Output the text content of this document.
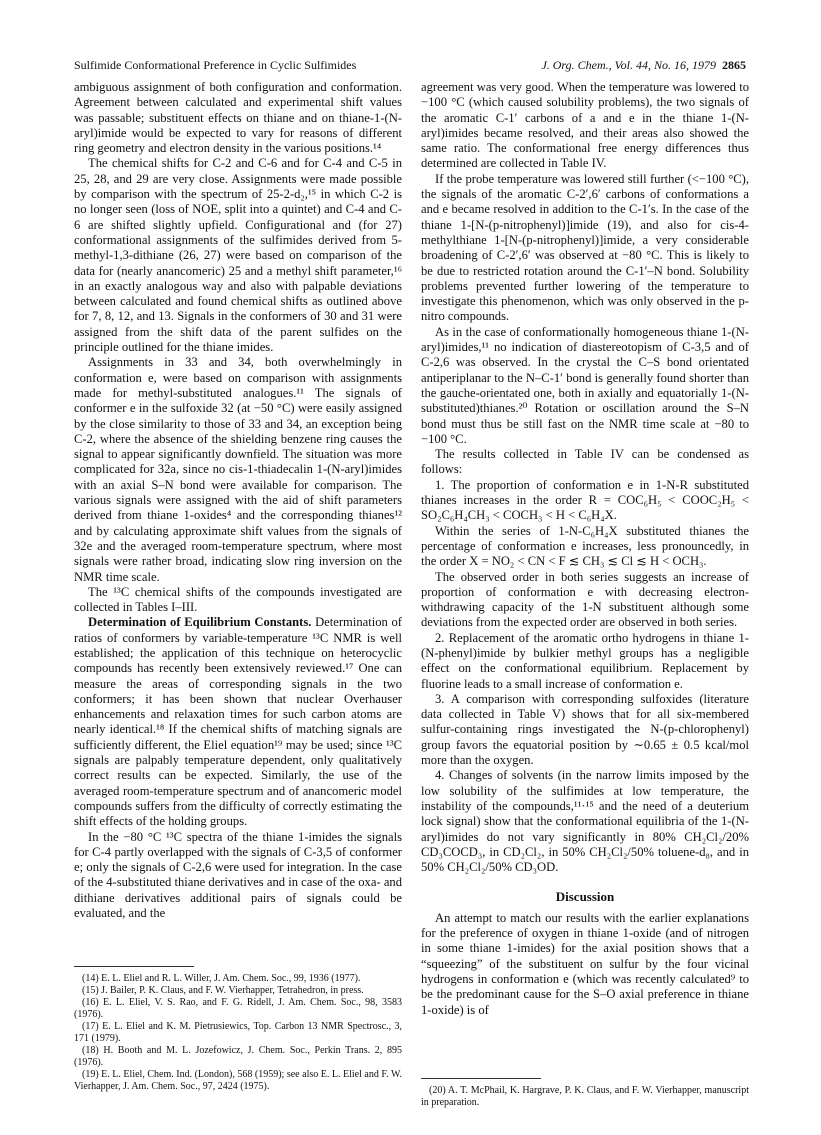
Sulfimide Conformational Preference in Cyclic Sulfimides	J. Org. Chem., Vol. 44, No. 16, 1979 2865

ambiguous assignment of both configuration and conformation. Agreement between calculated and experimental shift values was passable; substituent effects on thiane and on thiane-1-(N-aryl)imide would be expected to vary for reasons of different ring geometry and electron density in the various positions.¹⁴

The chemical shifts for C-2 and C-6 and for C-4 and C-5 in 25, 28, and 29 are very close. Assignments were made possible by comparison with the spectrum of 25-2-d₂,¹⁵ in which C-2 is no longer seen (loss of NOE, split into a quintet) and C-4 and C-6 are shifted slightly upfield. Configurational and (for 27) conformational assignments of the sulfimides derived from 5-methyl-1,3-dithiane (26, 27) were based on comparison of the data for (nearly anancomeric) 25 and a methyl shift parameter,¹⁶ in an exactly analogous way and also with palpable deviations between calculated and found chemical shifts as outlined above for 7, 8, 12, and 13. Signals in the conformers of 30 and 31 were assigned from the shift data of the parent sulfides on the principle outlined for the thiane imides.

Assignments in 33 and 34, both overwhelmingly in conformation e, were based on comparison with assignments made for methyl-substituted analogues.¹¹ The signals of conformer e in the sulfoxide 32 (at −50 °C) were easily assigned by the close similarity to those of 33 and 34, an exception being C-2, where the absence of the shielding benzene ring causes the signal to appear significantly downfield. The situation was more complicated for 32a, since no cis-1-thiadecalin 1-(N-aryl)imides with an axial S–N bond were available for comparison. The various signals were assigned with the aid of shift parameters derived from thiane 1-oxides⁴ and the corresponding thianes¹² and by calculating approximate shift values from the signals of 32e and the averaged room-temperature spectrum, where most signals were rather broad, indicating slow ring inversion on the NMR time scale.

The ¹³C chemical shifts of the compounds investigated are collected in Tables I–III.

Determination of Equilibrium Constants. Determination of ratios of conformers by variable-temperature ¹³C NMR is well established; the application of this technique on heterocyclic compounds has recently been extensively reviewed.¹⁷ One can measure the areas of corresponding signals in the two conformers; it has been shown that nuclear Overhauser enhancements and relaxation times for such carbon atoms are nearly identical.¹⁸ If the chemical shifts of matching signals are sufficiently different, the Eliel equation¹⁹ may be used; since ¹³C signals are palpably temperature dependent, only qualitatively correct results can be expected. Similarly, the use of the averaged room-temperature spectrum and of anancomeric model compounds suffers from the difficulty of correctly estimating the shift effects of the holding groups.

In the −80 °C ¹³C spectra of the thiane 1-imides the signals for C-4 partly overlapped with the signals of C-3,5 of conformer e; only the signals of C-2,6 were used for integration. In the case of the 4-substituted thiane derivatives and in case of the oxa- and dithiane derivatives additional pairs of signals could be evaluated, and the

(14) E. L. Eliel and R. L. Willer, J. Am. Chem. Soc., 99, 1936 (1977).

(15) J. Bailer, P. K. Claus, and F. W. Vierhapper, Tetrahedron, in press.

(16) E. L. Eliel, V. S. Rao, and F. G. Ridell, J. Am. Chem. Soc., 98, 3583 (1976).

(17) E. L. Eliel and K. M. Pietrusiewics, Top. Carbon 13 NMR Spectrosc., 3, 171 (1979).

(18) H. Booth and M. L. Jozefowicz, J. Chem. Soc., Perkin Trans. 2, 895 (1976).

(19) E. L. Eliel, Chem. Ind. (London), 568 (1959); see also E. L. Eliel and F. W. Vierhapper, J. Am. Chem. Soc., 97, 2424 (1975).

agreement was very good. When the temperature was lowered to −100 °C (which caused solubility problems), the two signals of the aromatic C-1′ carbons of a and e in the thiane 1-(N-aryl)imides became resolved, and their areas also showed the same ratio. The conformational free energy differences thus determined are collected in Table IV.

If the probe temperature was lowered still further (<−100 °C), the signals of the aromatic C-2′,6′ carbons of conformations a and e became resolved in addition to the C-1′s. In the case of the thiane 1-[N-(p-nitrophenyl)]imide (19), and also for cis-4-methylthiane 1-[N-(p-nitrophenyl)]imide, a very considerable broadening of C-2′,6′ was observed at −80 °C. This is likely to be due to restricted rotation around the C-1′–N bond. Solubility problems prevented further lowering of the temperature to investigate this phenomenon, which was only observed in the p-nitro compounds.

As in the case of conformationally homogeneous thiane 1-(N-aryl)imides,¹¹ no indication of diastereotopism of C-3,5 and of C-2,6 was observed. In the crystal the C–S bond orientated antiperiplanar to the N–C-1′ bond is generally found shorter than the gauche-orientated one, both in axially and equatorially 1-(N-substituted)thianes.²⁰ Rotation or oscillation around the S–N bond must thus be still fast on the NMR time scale at −80 to −100 °C.

The results collected in Table IV can be condensed as follows:

1. The proportion of conformation e in 1-N-R substituted thianes increases in the order R = COC₆H₅ < COOC₂H₅ < SO₂C₆H₄CH₃ < COCH₃ < H < C₆H₄X.

Within the series of 1-N-C₆H₄X substituted thianes the percentage of conformation e increases, less pronouncedly, in the order X = NO₂ < CN < F ≲ CH₃ ≲ Cl ≲ H < OCH₃.

The observed order in both series suggests an increase of proportion of conformation e with decreasing electron-withdrawing capacity of the 1-N substituent although some deviations from the expected order are observed in both series.

2. Replacement of the aromatic ortho hydrogens in thiane 1-(N-phenyl)imide by bulkier methyl groups has a negligible effect on the conformational equilibrium. Replacement by fluorine leads to a small increase of conformation e.

3. A comparison with corresponding sulfoxides (literature data collected in Table V) shows that for all six-membered sulfur-containing rings investigated the N-(p-chlorophenyl) group favors the equatorial position by ∼0.65 ± 0.5 kcal/mol more than the oxygen.

4. Changes of solvents (in the narrow limits imposed by the low solubility of the sulfimides at low temperature, the instability of the compounds,¹¹·¹⁵ and the need of a deuterium lock signal) show that the conformational equilibria of the 1-(N-aryl)imides do not vary significantly in 80% CH₂Cl₂/20% CD₃COCD₃, in CD₂Cl₂, in 50% CH₂Cl₂/50% toluene-d₈, and in 50% CH₂Cl₂/50% CD₃OD.

Discussion

An attempt to match our results with the earlier explanations for the preference of oxygen in thiane 1-oxide (and of nitrogen in some thiane 1-imides) for the axial position shows that a “squeezing” of the substituent on sulfur by the four vicinal hydrogens in conformation e (which was recently calculated⁹ to be the predominant cause for the S–O axial preference in thiane 1-oxide) is of

(20) A. T. McPhail, K. Hargrave, P. K. Claus, and F. W. Vierhapper, manuscript in preparation.
